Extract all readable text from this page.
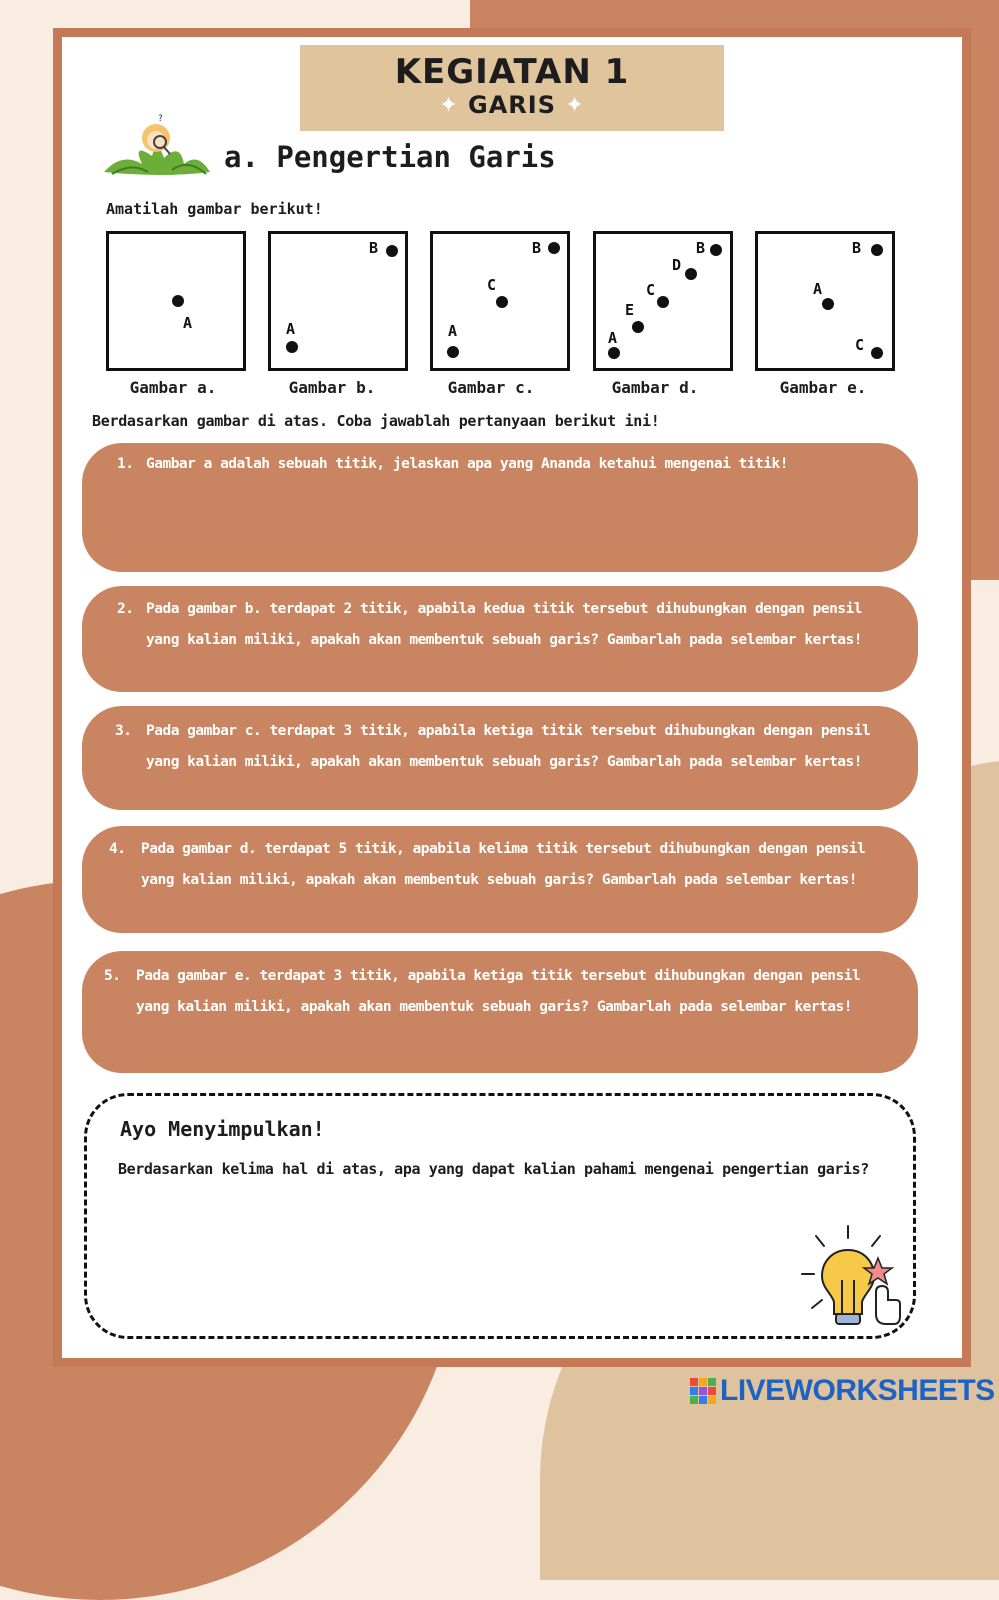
KEGIATAN 1
✦ GARIS ✦
?
a. Pengertian Garis
Amatilah gambar berikut!
A
Gambar a.
B
A
Gambar b.
B
C
A
Gambar c.
B
D
C
E
A
Gambar d.
B
A
C
Gambar e.
Berdasarkan gambar di atas. Coba jawablah pertanyaan berikut ini!
1. Gambar a adalah sebuah titik, jelaskan apa yang Ananda ketahui mengenai titik!
2. Pada gambar b. terdapat 2 titik, apabila kedua titik tersebut dihubungkan dengan pensil
yang kalian miliki, apakah akan membentuk sebuah garis? Gambarlah pada selembar kertas!
3. Pada gambar c. terdapat 3 titik, apabila ketiga titik tersebut dihubungkan dengan pensil
yang kalian miliki, apakah akan membentuk sebuah garis? Gambarlah pada selembar kertas!
4. Pada gambar d. terdapat 5 titik, apabila kelima titik tersebut dihubungkan dengan pensil
yang kalian miliki, apakah akan membentuk sebuah garis? Gambarlah pada selembar kertas!
5. Pada gambar e. terdapat 3 titik, apabila ketiga titik tersebut dihubungkan dengan pensil
yang kalian miliki, apakah akan membentuk sebuah garis? Gambarlah pada selembar kertas!
Ayo Menyimpulkan!
Berdasarkan kelima hal di atas, apa yang dapat kalian pahami mengenai pengertian garis?
LIVEWORKSHEETS
